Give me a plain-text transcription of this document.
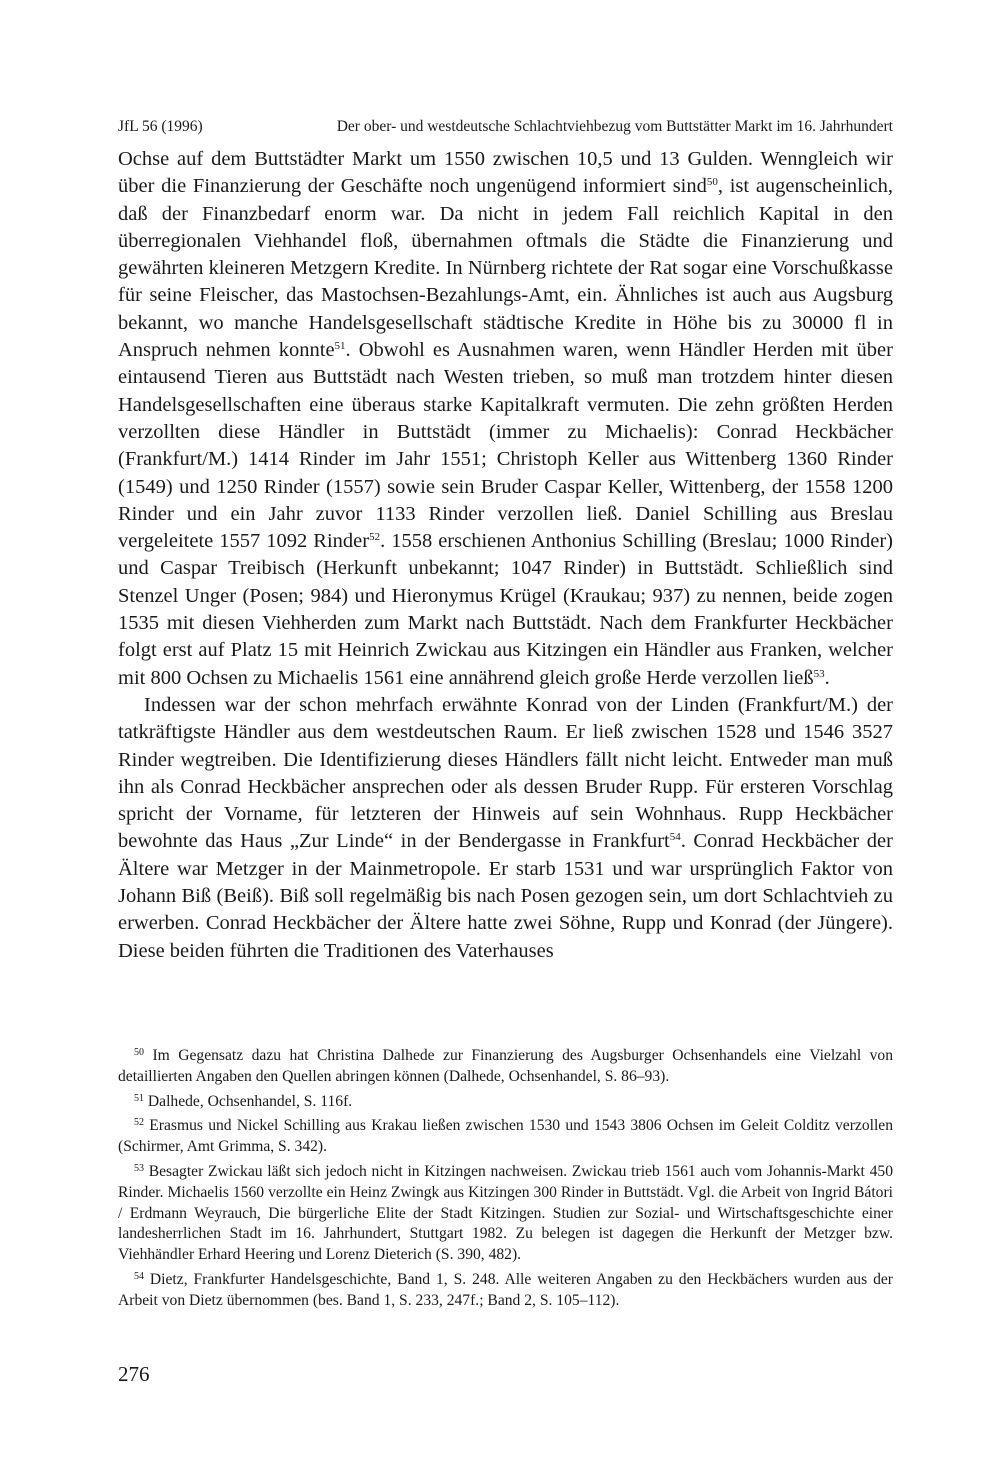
JfL 56 (1996)	Der ober- und westdeutsche Schlachtviehbezug vom Buttstätter Markt im 16. Jahrhundert

Ochse auf dem Buttstädter Markt um 1550 zwischen 10,5 und 13 Gulden. Wenngleich wir über die Finanzierung der Geschäfte noch ungenügend informiert sind$^{50}$, ist augenscheinlich, daß der Finanzbedarf enorm war. Da nicht in jedem Fall reichlich Kapital in den überregionalen Viehhandel floß, übernahmen oftmals die Städte die Finanzierung und gewährten kleineren Metzgern Kredite. In Nürnberg richtete der Rat sogar eine Vorschußkasse für seine Fleischer, das Mastochsen-Bezahlungs-Amt, ein. Ähnliches ist auch aus Augsburg bekannt, wo manche Handelsgesellschaft städtische Kredite in Höhe bis zu 30000 fl in Anspruch nehmen konnte$^{51}$. Obwohl es Ausnahmen waren, wenn Händler Herden mit über eintausend Tieren aus Buttstädt nach Westen trieben, so muß man trotzdem hinter diesen Handelsgesellschaften eine überaus starke Kapitalkraft vermuten. Die zehn größten Herden verzollten diese Händler in Buttstädt (immer zu Michaelis): Conrad Heckbächer (Frankfurt/M.) 1414 Rinder im Jahr 1551; Christoph Keller aus Wittenberg 1360 Rinder (1549) und 1250 Rinder (1557) sowie sein Bruder Caspar Keller, Wittenberg, der 1558 1200 Rinder und ein Jahr zuvor 1133 Rinder verzollen ließ. Daniel Schilling aus Breslau vergeleitete 1557 1092 Rinder$^{52}$. 1558 erschienen Anthonius Schilling (Breslau; 1000 Rinder) und Caspar Treibisch (Herkunft unbekannt; 1047 Rinder) in Buttstädt. Schließlich sind Stenzel Unger (Posen; 984) und Hieronymus Krügel (Kraukau; 937) zu nennen, beide zogen 1535 mit diesen Viehherden zum Markt nach Buttstädt. Nach dem Frankfurter Heckbächer folgt erst auf Platz 15 mit Heinrich Zwickau aus Kitzingen ein Händler aus Franken, welcher mit 800 Ochsen zu Michaelis 1561 eine annährend gleich große Herde verzollen ließ$^{53}$.

Indessen war der schon mehrfach erwähnte Konrad von der Linden (Frankfurt/M.) der tatkräftigste Händler aus dem westdeutschen Raum. Er ließ zwischen 1528 und 1546 3527 Rinder wegtreiben. Die Identifizierung dieses Händlers fällt nicht leicht. Entweder man muß ihn als Conrad Heckbächer ansprechen oder als dessen Bruder Rupp. Für ersteren Vorschlag spricht der Vorname, für letzteren der Hinweis auf sein Wohnhaus. Rupp Heckbächer bewohnte das Haus „Zur Linde“ in der Bendergasse in Frankfurt$^{54}$. Conrad Heckbächer der Ältere war Metzger in der Mainmetropole. Er starb 1531 und war ursprünglich Faktor von Johann Biß (Beiß). Biß soll regelmäßig bis nach Posen gezogen sein, um dort Schlachtvieh zu erwerben. Conrad Heckbächer der Ältere hatte zwei Söhne, Rupp und Konrad (der Jüngere). Diese beiden führten die Traditionen des Vaterhauses

$^{50}$ Im Gegensatz dazu hat Christina Dalhede zur Finanzierung des Augsburger Ochsenhandels eine Vielzahl von detaillierten Angaben den Quellen abringen können (Dalhede, Ochsenhandel, S. 86–93).

$^{51}$ Dalhede, Ochsenhandel, S. 116f.

$^{52}$ Erasmus und Nickel Schilling aus Krakau ließen zwischen 1530 und 1543 3806 Ochsen im Geleit Colditz verzollen (Schirmer, Amt Grimma, S. 342).

$^{53}$ Besagter Zwickau läßt sich jedoch nicht in Kitzingen nachweisen. Zwickau trieb 1561 auch vom Johannis-Markt 450 Rinder. Michaelis 1560 verzollte ein Heinz Zwingk aus Kitzingen 300 Rinder in Buttstädt. Vgl. die Arbeit von Ingrid Bátori / Erdmann Weyrauch, Die bürgerliche Elite der Stadt Kitzingen. Studien zur Sozial- und Wirtschaftsgeschichte einer landesherrlichen Stadt im 16. Jahrhundert, Stuttgart 1982. Zu belegen ist dagegen die Herkunft der Metzger bzw. Viehhändler Erhard Heering und Lorenz Dieterich (S. 390, 482).

$^{54}$ Dietz, Frankfurter Handelsgeschichte, Band 1, S. 248. Alle weiteren Angaben zu den Heckbächers wurden aus der Arbeit von Dietz übernommen (bes. Band 1, S. 233, 247f.; Band 2, S. 105–112).

276
